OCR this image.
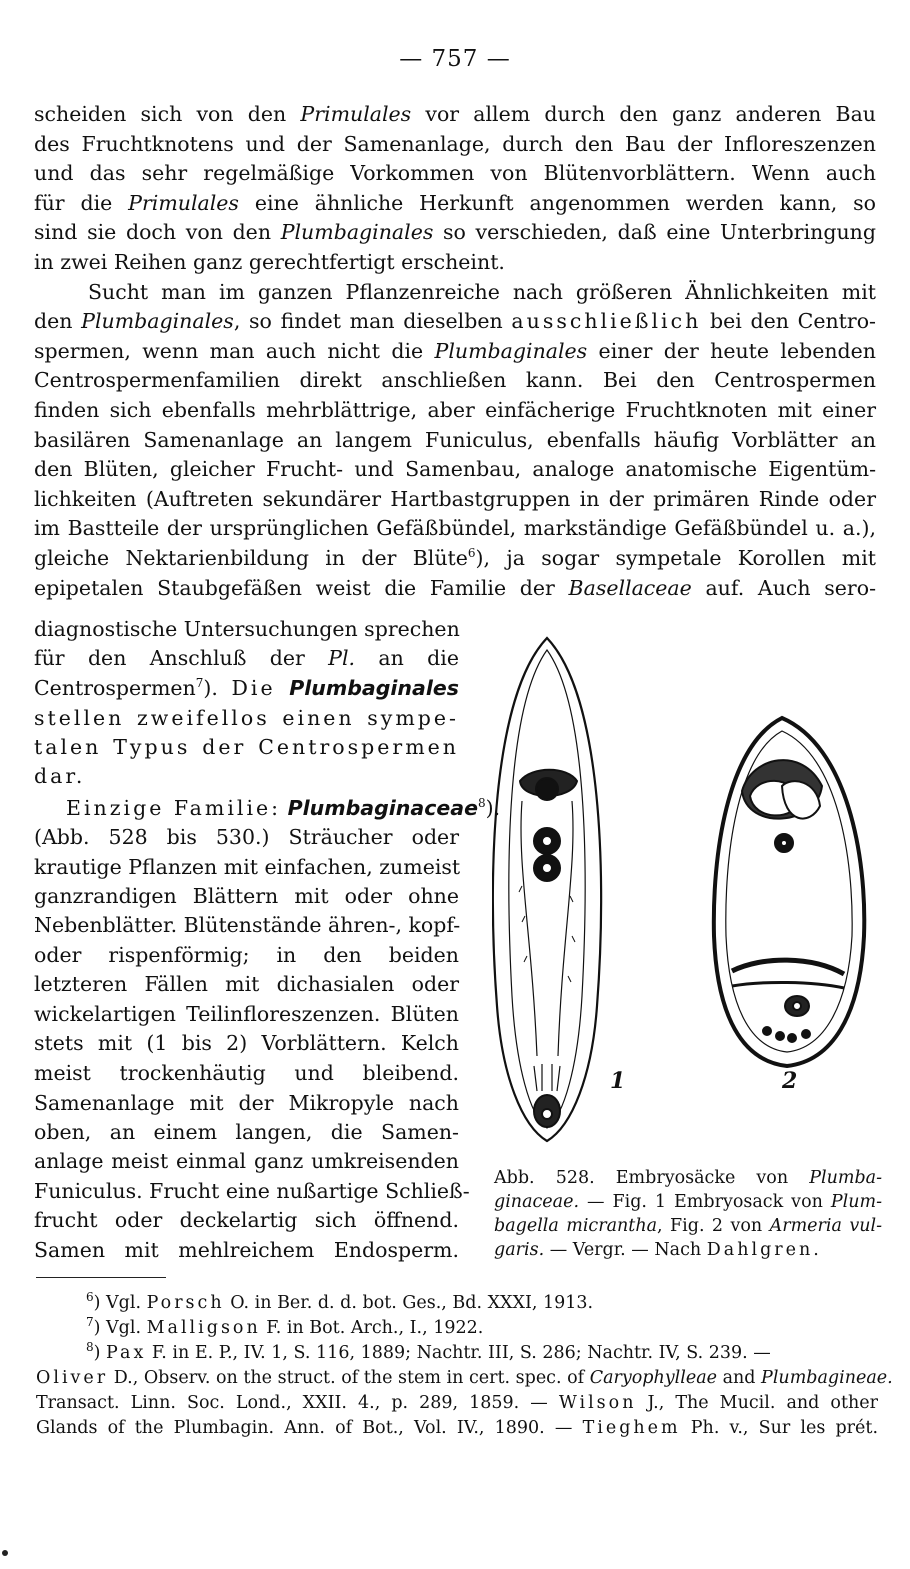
— 757 —
scheiden sich von den Primulales vor allem durch den ganz anderen Bau
des Fruchtknotens und der Samenanlage, durch den Bau der Infloreszenzen
und das sehr regelmäßige Vorkommen von Blütenvorblättern. Wenn auch
für die Primulales eine ähnliche Herkunft angenommen werden kann, so
sind sie doch von den Plumbaginales so verschieden, daß eine Unterbringung
in zwei Reihen ganz gerechtfertigt erscheint.
Sucht man im ganzen Pflanzenreiche nach größeren Ähnlichkeiten mit
den Plumbaginales, so findet man dieselben ausschließlich bei den Centro-
spermen, wenn man auch nicht die Plumbaginales einer der heute lebenden
Centrospermenfamilien direkt anschließen kann. Bei den Centrospermen
finden sich ebenfalls mehrblättrige, aber einfächerige Fruchtknoten mit einer
basilären Samenanlage an langem Funiculus, ebenfalls häufig Vorblätter an
den Blüten, gleicher Frucht- und Samenbau, analoge anatomische Eigentüm-
lichkeiten (Auftreten sekundärer Hartbastgruppen in der primären Rinde oder
im Bastteile der ursprünglichen Gefäßbündel, markständige Gefäßbündel u. a.),
gleiche Nektarienbildung in der Blüte$^6$), ja sogar sympetale Korollen mit
epipetalen Staubgefäßen weist die Familie der Basellaceae auf. Auch sero-
diagnostische Untersuchungen sprechen
für den Anschluß der Pl. an die
Centrospermen$^7$). Die Plumbaginales
stellen zweifellos einen sympe-
talen Typus der Centrospermen
dar.
Einzige Familie: Plumbaginaceae$^8$).
(Abb. 528 bis 530.) Sträucher oder
krautige Pflanzen mit einfachen, zumeist
ganzrandigen Blättern mit oder ohne
Nebenblätter. Blütenstände ähren-, kopf-
oder rispenförmig; in den beiden
letzteren Fällen mit dichasialen oder
wickelartigen Teilinfloreszenzen. Blüten
stets mit (1 bis 2) Vorblättern. Kelch
meist trockenhäutig und bleibend.
Samenanlage mit der Mikropyle nach
oben, an einem langen, die Samen-
anlage meist einmal ganz umkreisenden
Funiculus. Frucht eine nußartige Schließ-
frucht oder deckelartig sich öffnend.
Samen mit mehlreichem Endosperm.
1	2
Abb. 528. Embryosäcke von Plumba-
ginaceae. — Fig. 1 Embryosack von Plum-
bagella micrantha, Fig. 2 von Armeria vul-
garis. — Vergr. — Nach Dahlgren.
$^6$) Vgl. Porsch O. in Ber. d. d. bot. Ges., Bd. XXXI, 1913.
$^7$) Vgl. Malligson F. in Bot. Arch., I., 1922.
$^8$) Pax F. in E. P., IV. 1, S. 116, 1889; Nachtr. III, S. 286; Nachtr. IV, S. 239. —
Oliver D., Observ. on the struct. of the stem in cert. spec. of Caryophylleae and Plumbagineae.
Transact. Linn. Soc. Lond., XXII. 4., p. 289, 1859. — Wilson J., The Mucil. and other
Glands of the Plumbagin. Ann. of Bot., Vol. IV., 1890. — Tieghem Ph. v., Sur les prét.
